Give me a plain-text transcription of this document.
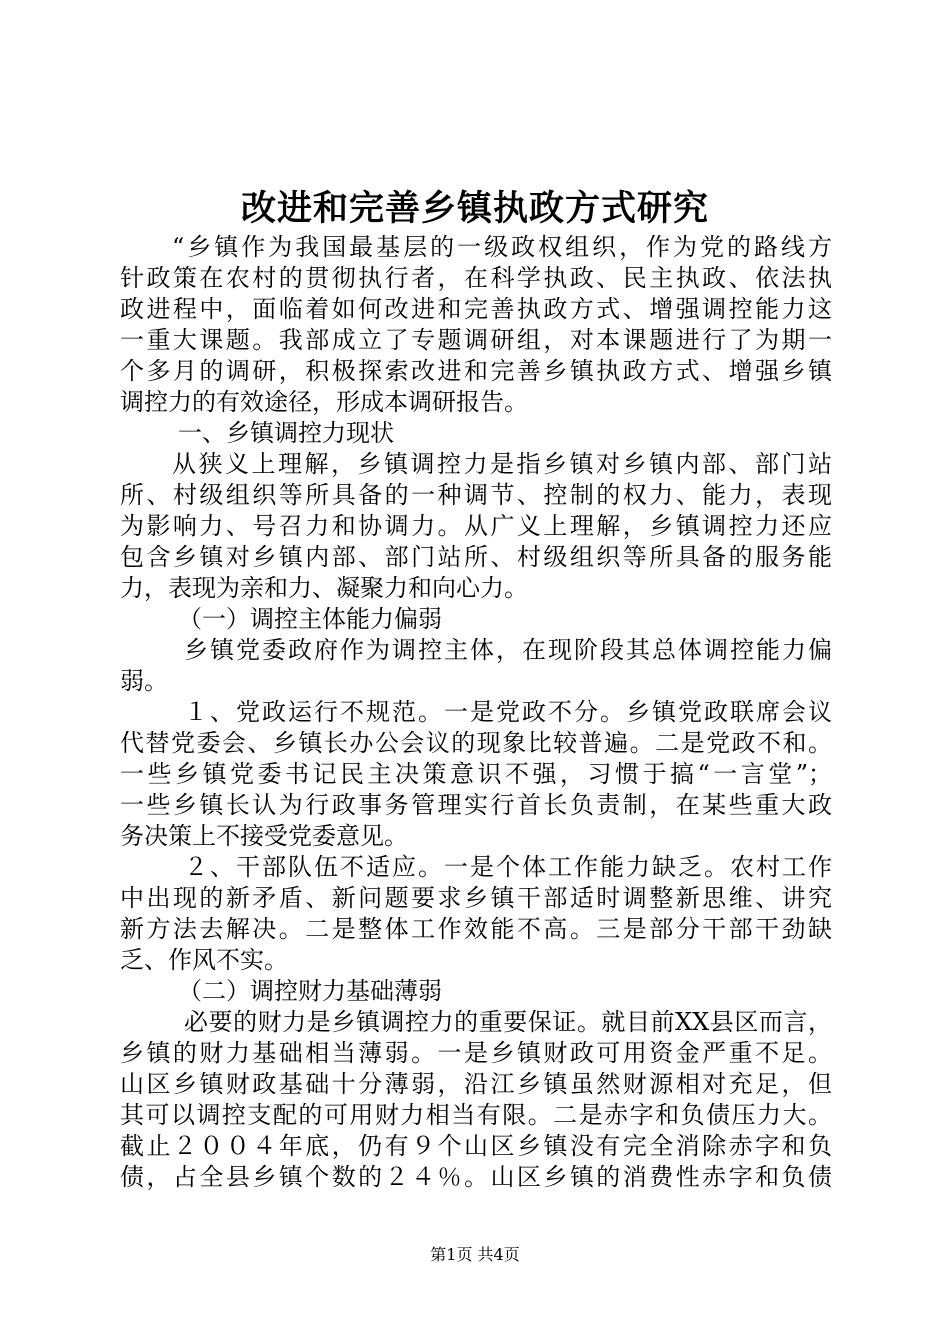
改进和完善乡镇执政方式研究
“乡镇作为我国最基层的一级政权组织，作为党的路线方
针政策在农村的贯彻执行者，在科学执政、民主执政、依法执
政进程中，面临着如何改进和完善执政方式、增强调控能力这
一重大课题。我部成立了专题调研组，对本课题进行了为期一
个多月的调研，积极探索改进和完善乡镇执政方式、增强乡镇
调控力的有效途径，形成本调研报告。
一、乡镇调控力现状
从狭义上理解，乡镇调控力是指乡镇对乡镇内部、部门站
所、村级组织等所具备的一种调节、控制的权力、能力，表现
为影响力、号召力和协调力。从广义上理解，乡镇调控力还应
包含乡镇对乡镇内部、部门站所、村级组织等所具备的服务能
力，表现为亲和力、凝聚力和向心力。
（一）调控主体能力偏弱
乡镇党委政府作为调控主体，在现阶段其总体调控能力偏
弱。
１、党政运行不规范。一是党政不分。乡镇党政联席会议
代替党委会、乡镇长办公会议的现象比较普遍。二是党政不和。
一些乡镇党委书记民主决策意识不强，习惯于搞“一言堂”；
一些乡镇长认为行政事务管理实行首长负责制，在某些重大政
务决策上不接受党委意见。
２、干部队伍不适应。一是个体工作能力缺乏。农村工作
中出现的新矛盾、新问题要求乡镇干部适时调整新思维、讲究
新方法去解决。二是整体工作效能不高。三是部分干部干劲缺
乏、作风不实。
（二）调控财力基础薄弱
必要的财力是乡镇调控力的重要保证。就目前XX县区而言，
乡镇的财力基础相当薄弱。一是乡镇财政可用资金严重不足。
山区乡镇财政基础十分薄弱，沿江乡镇虽然财源相对充足，但
其可以调控支配的可用财力相当有限。二是赤字和负债压力大。
截止２００４年底，仍有９个山区乡镇没有完全消除赤字和负
债，占全县乡镇个数的２４％。山区乡镇的消费性赤字和负债
第1页 共4页
